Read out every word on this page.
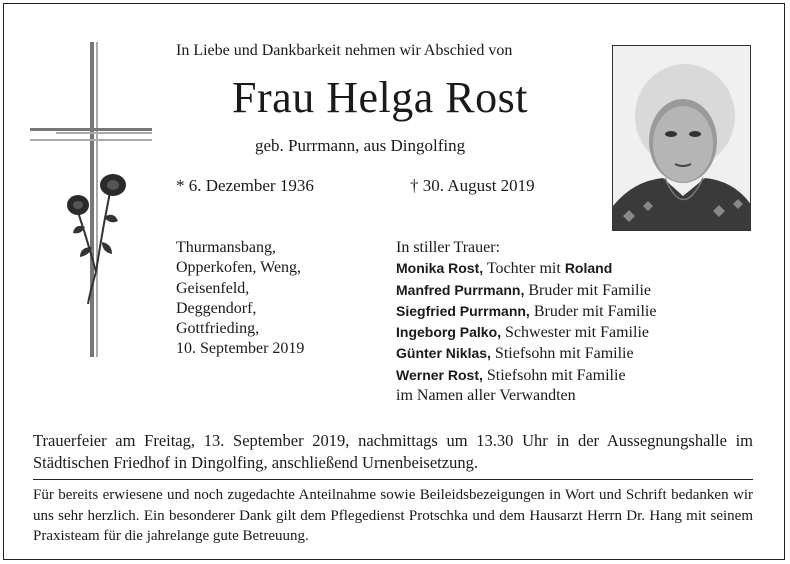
In Liebe und Dankbarkeit nehmen wir Abschied von
Frau Helga Rost
geb. Purrmann, aus Dingolfing
* 6. Dezember 1936	† 30. August 2019
Thurmansbang,
Opperkofen, Weng,
Geisenfeld,
Deggendorf,
Gottfrieding,
10. September 2019
In stiller Trauer:
Monika Rost, Tochter mit Roland
Manfred Purrmann, Bruder mit Familie
Siegfried Purrmann, Bruder mit Familie
Ingeborg Palko, Schwester mit Familie
Günter Niklas, Stiefsohn mit Familie
Werner Rost, Stiefsohn mit Familie
im Namen aller Verwandten
Trauerfeier am Freitag, 13. September 2019, nachmittags um 13.30 Uhr in der Aussegnungshalle im Städtischen Friedhof in Dingolfing, anschließend Urnenbeisetzung.
Für bereits erwiesene und noch zugedachte Anteilnahme sowie Beileidsbezeigungen in Wort und Schrift bedanken wir uns sehr herzlich. Ein besonderer Dank gilt dem Pflegedienst Protschka und dem Hausarzt Herrn Dr. Hang mit seinem Praxisteam für die jahrelange gute Betreuung.
